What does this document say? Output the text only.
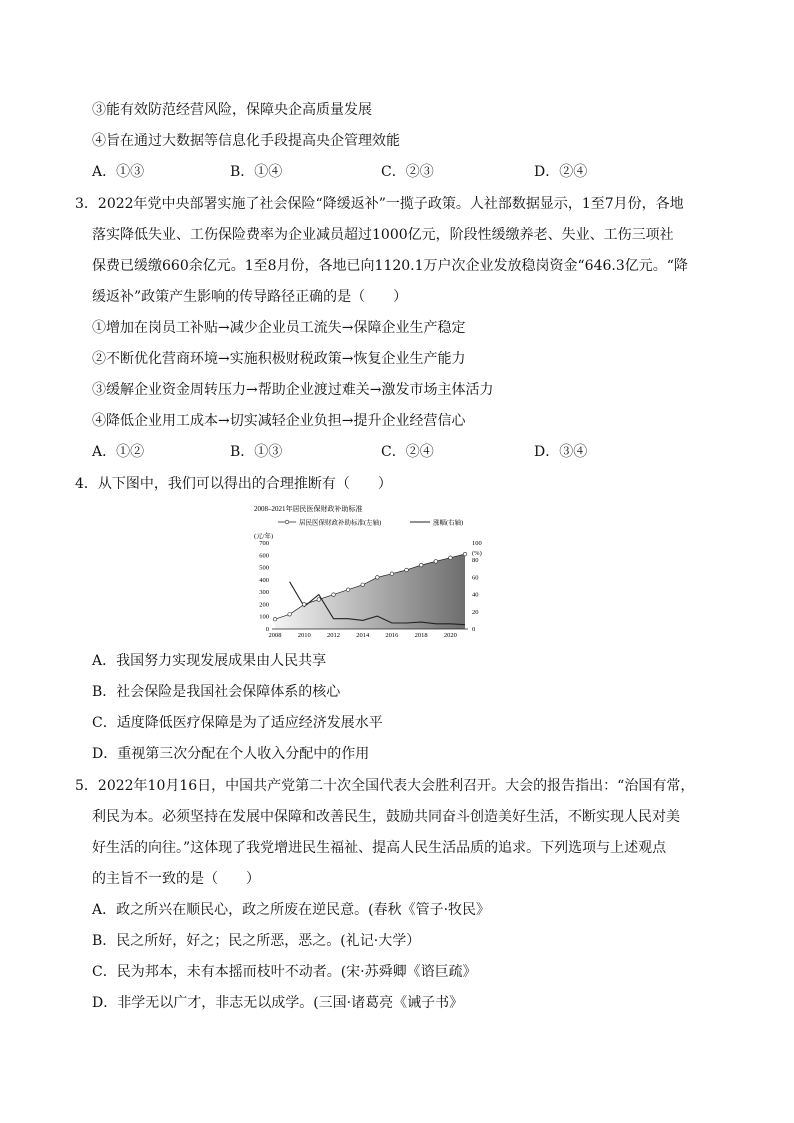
③能有效防范经营风险，保障央企高质量发展
④旨在通过大数据等信息化手段提高央企管理效能
A．①③	B．①④	C．②③	D．②④
3．2022年党中央部署实施了社会保险“降缓返补”一揽子政策。人社部数据显示，1至7月份，各地
落实降低失业、工伤保险费率为企业减员超过1000亿元，阶段性缓缴养老、失业、工伤三项社
保费已缓缴660余亿元。1至8月份，各地已向1120.1万户次企业发放稳岗资金“646.3亿元。“降
缓返补”政策产生影响的传导路径正确的是（　　）
①增加在岗员工补贴→减少企业员工流失→保障企业生产稳定
②不断优化营商环境→实施积极财税政策→恢复企业生产能力
③缓解企业资金周转压力→帮助企业渡过难关→激发市场主体活力
④降低企业用工成本→切实减轻企业负担→提升企业经营信心
A．①②	B．①③	C．②④	D．③④
4．从下图中，我们可以得出的合理推断有（　　）
2008–2021年居民医保财政补助标准
居民医保财政补助标准(左轴)	涨幅(右轴)
(元/年)
700
600
500
400
300
200
100
0
(%)
100
80
60
40
20
0
2008 2010 2012 2014 2016 2018 2020
A．我国努力实现发展成果由人民共享
B．社会保险是我国社会保障体系的核心
C．适度降低医疗保障是为了适应经济发展水平
D．重视第三次分配在个人收入分配中的作用
5．2022年10月16日，中国共产党第二十次全国代表大会胜利召开。大会的报告指出：“治国有常，
利民为本。必须坚持在发展中保障和改善民生，鼓励共同奋斗创造美好生活，不断实现人民对美
好生活的向往。”这体现了我党增进民生福祉、提高人民生活品质的追求。下列选项与上述观点
的主旨不一致的是（　　）
A．政之所兴在顺民心，政之所废在逆民意。(春秋《管子·牧民》
B．民之所好，好之；民之所恶，恶之。(礼记·大学）
C．民为邦本，未有本摇而枝叶不动者。(宋·苏舜卿《谘巨疏》
D．非学无以广才，非志无以成学。(三国·诸葛亮《诫子书》
